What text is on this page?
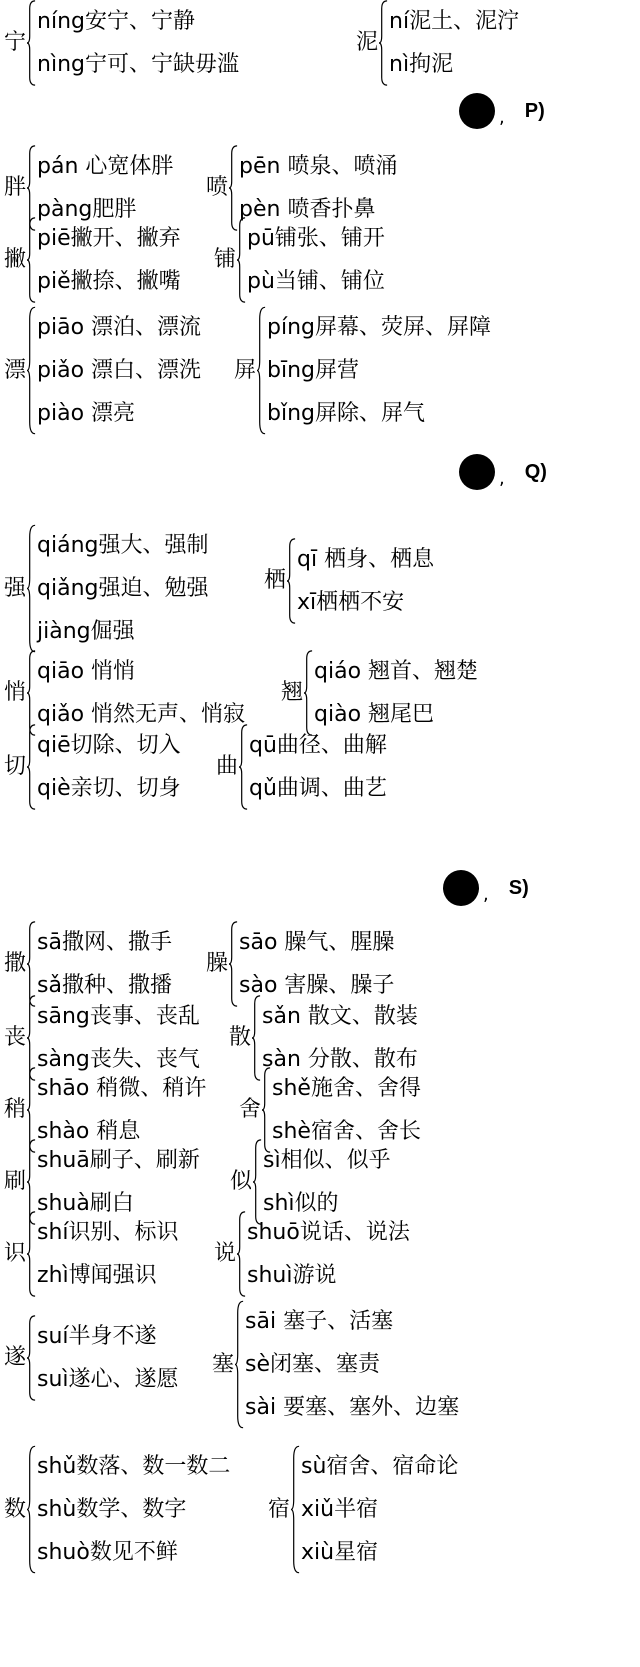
, P)
, Q)
, S)
宁
níng安宁、宁静
nìng宁可、宁缺毋滥
泥
ní泥土、泥泞
nì拘泥
胖
pán 心宽体胖
pàng肥胖
喷
pēn 喷泉、喷涌
pèn 喷香扑鼻
撇
piē撇开、撇弃
piě撇捺、撇嘴
铺
pū铺张、铺开
pù当铺、铺位
漂
piāo 漂泊、漂流
piǎo 漂白、漂洗
piào 漂亮
屏
píng屏幕、荧屏、屏障
bīng屏营
bǐng屏除、屏气
强
qiáng强大、强制
qiǎng强迫、勉强
jiàng倔强
栖
qī 栖身、栖息
xī栖栖不安
悄
qiāo 悄悄
qiǎo 悄然无声、悄寂
翘
qiáo 翘首、翘楚
qiào 翘尾巴
切
qiē切除、切入
qiè亲切、切身
曲
qū曲径、曲解
qǔ曲调、曲艺
撒
sā撒网、撒手
sǎ撒种、撒播
臊
sāo 臊气、腥臊
sào 害臊、臊子
丧
sāng丧事、丧乱
sàng丧失、丧气
散
sǎn 散文、散装
sàn 分散、散布
稍
shāo 稍微、稍许
shào 稍息
舍
shě施舍、舍得
shè宿舍、舍长
刷
shuā刷子、刷新
shuà刷白
似
sì相似、似乎
shì似的
识
shí识别、标识
zhì博闻强识
说
shuō说话、说法
shuì游说
遂
suí半身不遂
suì遂心、遂愿
塞
sāi 塞子、活塞
sè闭塞、塞责
sài 要塞、塞外、边塞
数
shǔ数落、数一数二
shù数学、数字
shuò数见不鲜
宿
sù宿舍、宿命论
xiǔ半宿
xiù星宿
